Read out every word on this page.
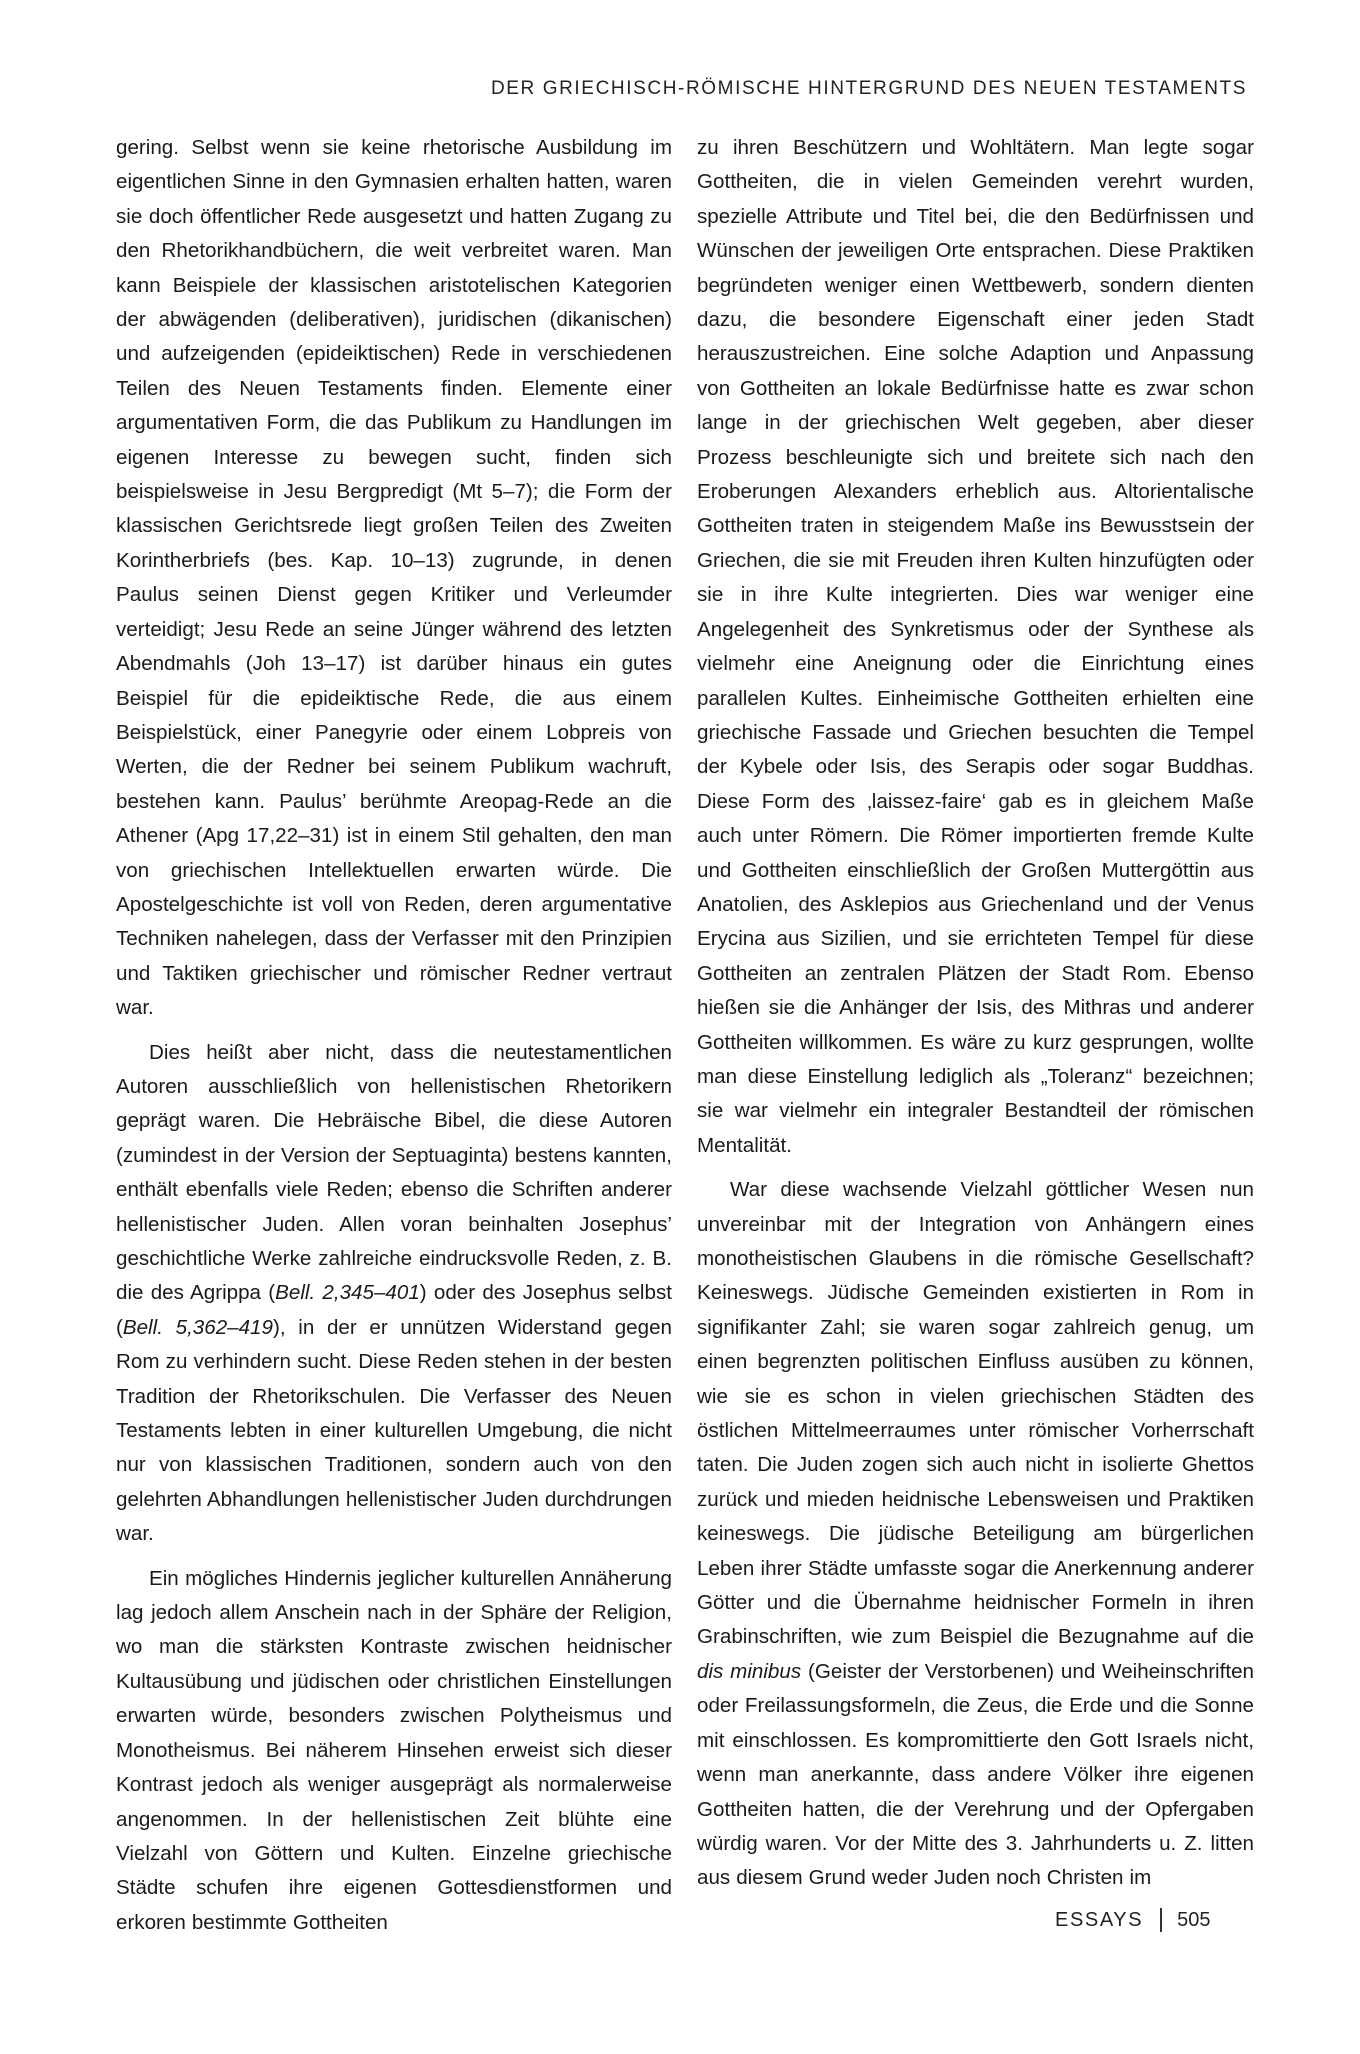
DER GRIECHISCH-RÖMISCHE HINTERGRUND DES NEUEN TESTAMENTS

gering. Selbst wenn sie keine rhetorische Ausbildung im eigentlichen Sinne in den Gymnasien erhalten hatten, waren sie doch öffentlicher Rede ausgesetzt und hatten Zugang zu den Rhetorikhandbüchern, die weit verbreitet waren. Man kann Beispiele der klassischen aristotelischen Kategorien der abwägenden (deliberativen), juridischen (dikanischen) und aufzeigenden (epideiktischen) Rede in verschiedenen Teilen des Neuen Testaments finden. Elemente einer argumentativen Form, die das Publikum zu Handlungen im eigenen Interesse zu bewegen sucht, finden sich beispielsweise in Jesu Bergpredigt (Mt 5–7); die Form der klassischen Gerichtsrede liegt großen Teilen des Zweiten Korintherbriefs (bes. Kap. 10–13) zugrunde, in denen Paulus seinen Dienst gegen Kritiker und Verleumder verteidigt; Jesu Rede an seine Jünger während des letzten Abendmahls (Joh 13–17) ist darüber hinaus ein gutes Beispiel für die epideiktische Rede, die aus einem Beispielstück, einer Panegyrie oder einem Lobpreis von Werten, die der Redner bei seinem Publikum wachruft, bestehen kann. Paulus’ berühmte Areopag-Rede an die Athener (Apg 17,22–31) ist in einem Stil gehalten, den man von griechischen Intellektuellen erwarten würde. Die Apostelgeschichte ist voll von Reden, deren argumentative Techniken nahelegen, dass der Verfasser mit den Prinzipien und Taktiken griechischer und römischer Redner vertraut war.

Dies heißt aber nicht, dass die neutestamentlichen Autoren ausschließlich von hellenistischen Rhetorikern geprägt waren. Die Hebräische Bibel, die diese Autoren (zumindest in der Version der Septuaginta) bestens kannten, enthält ebenfalls viele Reden; ebenso die Schriften anderer hellenistischer Juden. Allen voran beinhalten Josephus’ geschichtliche Werke zahlreiche eindrucksvolle Reden, z. B. die des Agrippa (Bell. 2,345–401) oder des Josephus selbst (Bell. 5,362–419), in der er unnützen Widerstand gegen Rom zu verhindern sucht. Diese Reden stehen in der besten Tradition der Rhetorikschulen. Die Verfasser des Neuen Testaments lebten in einer kulturellen Umgebung, die nicht nur von klassischen Traditionen, sondern auch von den gelehrten Abhandlungen hellenistischer Juden durchdrungen war.

Ein mögliches Hindernis jeglicher kulturellen Annäherung lag jedoch allem Anschein nach in der Sphäre der Religion, wo man die stärksten Kontraste zwischen heidnischer Kultausübung und jüdischen oder christlichen Einstellungen erwarten würde, besonders zwischen Polytheismus und Monotheismus. Bei näherem Hinsehen erweist sich dieser Kontrast jedoch als weniger ausgeprägt als normalerweise angenommen. In der hellenistischen Zeit blühte eine Vielzahl von Göttern und Kulten. Einzelne griechische Städte schufen ihre eigenen Gottesdienstformen und erkoren bestimmte Gottheiten

zu ihren Beschützern und Wohltätern. Man legte sogar Gottheiten, die in vielen Gemeinden verehrt wurden, spezielle Attribute und Titel bei, die den Bedürfnissen und Wünschen der jeweiligen Orte entsprachen. Diese Praktiken begründeten weniger einen Wettbewerb, sondern dienten dazu, die besondere Eigenschaft einer jeden Stadt herauszustreichen. Eine solche Adaption und Anpassung von Gottheiten an lokale Bedürfnisse hatte es zwar schon lange in der griechischen Welt gegeben, aber dieser Prozess beschleunigte sich und breitete sich nach den Eroberungen Alexanders erheblich aus. Altorientalische Gottheiten traten in steigendem Maße ins Bewusstsein der Griechen, die sie mit Freuden ihren Kulten hinzufügten oder sie in ihre Kulte integrierten. Dies war weniger eine Angelegenheit des Synkretismus oder der Synthese als vielmehr eine Aneignung oder die Einrichtung eines parallelen Kultes. Einheimische Gottheiten erhielten eine griechische Fassade und Griechen besuchten die Tempel der Kybele oder Isis, des Serapis oder sogar Buddhas. Diese Form des ‚laissez-faire‘ gab es in gleichem Maße auch unter Römern. Die Römer importierten fremde Kulte und Gottheiten einschließlich der Großen Muttergöttin aus Anatolien, des Asklepios aus Griechenland und der Venus Erycina aus Sizilien, und sie errichteten Tempel für diese Gottheiten an zentralen Plätzen der Stadt Rom. Ebenso hießen sie die Anhänger der Isis, des Mithras und anderer Gottheiten willkommen. Es wäre zu kurz gesprungen, wollte man diese Einstellung lediglich als „Toleranz“ bezeichnen; sie war vielmehr ein integraler Bestandteil der römischen Mentalität.

War diese wachsende Vielzahl göttlicher Wesen nun unvereinbar mit der Integration von Anhängern eines monotheistischen Glaubens in die römische Gesellschaft? Keineswegs. Jüdische Gemeinden existierten in Rom in signifikanter Zahl; sie waren sogar zahlreich genug, um einen begrenzten politischen Einfluss ausüben zu können, wie sie es schon in vielen griechischen Städten des östlichen Mittelmeerraumes unter römischer Vorherrschaft taten. Die Juden zogen sich auch nicht in isolierte Ghettos zurück und mieden heidnische Lebensweisen und Praktiken keineswegs. Die jüdische Beteiligung am bürgerlichen Leben ihrer Städte umfasste sogar die Anerkennung anderer Götter und die Übernahme heidnischer Formeln in ihren Grabinschriften, wie zum Beispiel die Bezugnahme auf die dis minibus (Geister der Verstorbenen) und Weiheinschriften oder Freilassungsformeln, die Zeus, die Erde und die Sonne mit einschlossen. Es kompromittierte den Gott Israels nicht, wenn man anerkannte, dass andere Völker ihre eigenen Gottheiten hatten, die der Verehrung und der Opfergaben würdig waren. Vor der Mitte des 3. Jahrhunderts u. Z. litten aus diesem Grund weder Juden noch Christen im

ESSAYS 505
